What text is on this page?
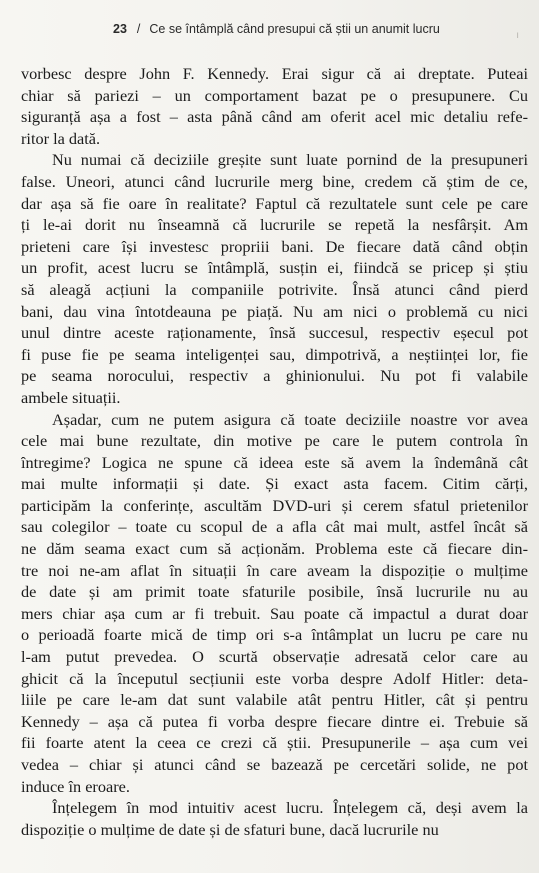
23 / Ce se întâmplă când presupui că știi un anumit lucru	ı

vorbesc despre John F. Kennedy. Erai sigur că ai dreptate. Puteai
chiar să pariezi – un comportament bazat pe o presupunere. Cu
siguranță așa a fost – asta până când am oferit acel mic detaliu refe-
ritor la dată.

Nu numai că deciziile greșite sunt luate pornind de la presupuneri
false. Uneori, atunci când lucrurile merg bine, credem că știm de ce,
dar așa să fie oare în realitate? Faptul că rezultatele sunt cele pe care
ți le-ai dorit nu înseamnă că lucrurile se repetă la nesfârșit. Am
prieteni care își investesc propriii bani. De fiecare dată când obțin
un profit, acest lucru se întâmplă, susțin ei, fiindcă se pricep și știu
să aleagă acțiuni la companiile potrivite. Însă atunci când pierd
bani, dau vina întotdeauna pe piață. Nu am nici o problemă cu nici
unul dintre aceste raționamente, însă succesul, respectiv eșecul pot
fi puse fie pe seama inteligenței sau, dimpotrivă, a neștiinței lor, fie
pe seama norocului, respectiv a ghinionului. Nu pot fi valabile
ambele situații.

Așadar, cum ne putem asigura că toate deciziile noastre vor avea
cele mai bune rezultate, din motive pe care le putem controla în
întregime? Logica ne spune că ideea este să avem la îndemână cât
mai multe informații și date. Și exact asta facem. Citim cărți,
participăm la conferințe, ascultăm DVD-uri și cerem sfatul prietenilor
sau colegilor – toate cu scopul de a afla cât mai mult, astfel încât să
ne dăm seama exact cum să acționăm. Problema este că fiecare din-
tre noi ne-am aflat în situații în care aveam la dispoziție o mulțime
de date și am primit toate sfaturile posibile, însă lucrurile nu au
mers chiar așa cum ar fi trebuit. Sau poate că impactul a durat doar
o perioadă foarte mică de timp ori s-a întâmplat un lucru pe care nu
l-am putut prevedea. O scurtă observație adresată celor care au
ghicit că la începutul secțiunii este vorba despre Adolf Hitler: deta-
liile pe care le-am dat sunt valabile atât pentru Hitler, cât și pentru
Kennedy – așa că putea fi vorba despre fiecare dintre ei. Trebuie să
fii foarte atent la ceea ce crezi că știi. Presupunerile – așa cum vei
vedea – chiar și atunci când se bazează pe cercetări solide, ne pot
induce în eroare.

Înțelegem în mod intuitiv acest lucru. Înțelegem că, deși avem la
dispoziție o mulțime de date și de sfaturi bune, dacă lucrurile nu
